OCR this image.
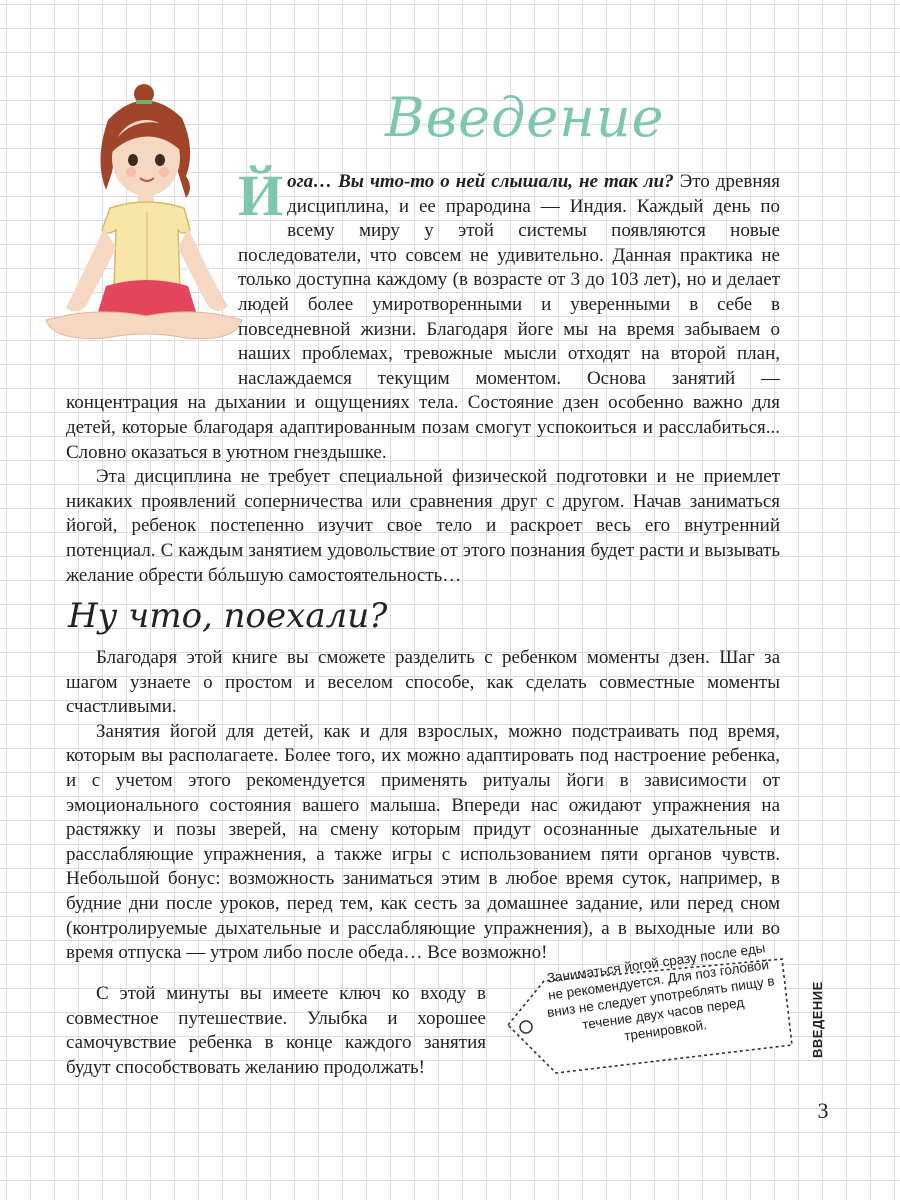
Введение
Йога… Вы что-то о ней слышали, не так ли? Это древняя дисциплина, и ее прародина — Индия. Каждый день по всему миру у этой системы появляются новые последователи, что совсем не удивительно. Данная практика не только доступна каждому (в возрасте от 3 до 103 лет), но и делает людей более умиротворенными и уверенными в себе в повседневной жизни. Благодаря йоге мы на время забываем о наших проблемах, тревожные мысли отходят на второй план, наслаждаемся текущим моментом. Основа занятий — концентрация на дыхании и ощущениях тела. Состояние дзен особенно важно для детей, которые благодаря адаптированным позам смогут успокоиться и расслабиться... Словно оказаться в уютном гнездышке.
Эта дисциплина не требует специальной физической подготовки и не приемлет никаких проявлений соперничества или сравнения друг с другом. Начав заниматься йогой, ребенок постепенно изучит свое тело и раскроет весь его внутренний потенциал. С каждым занятием удовольствие от этого познания будет расти и вызывать желание обрести бóльшую самостоятельность…
Ну что, поехали?
Благодаря этой книге вы сможете разделить с ребенком моменты дзен. Шаг за шагом узнаете о простом и веселом способе, как сделать совместные моменты счастливыми.
Занятия йогой для детей, как и для взрослых, можно подстраивать под время, которым вы располагаете. Более того, их можно адаптировать под настроение ребенка, и с учетом этого рекомендуется применять ритуалы йоги в зависимости от эмоционального состояния вашего малыша. Впереди нас ожидают упражнения на растяжку и позы зверей, на смену которым придут осознанные дыхательные и расслабляющие упражнения, а также игры с использованием пяти органов чувств. Небольшой бонус: возможность заниматься этим в любое время суток, например, в будние дни после уроков, перед тем, как сесть за домашнее задание, или перед сном (контролируемые дыхательные и расслабляющие упражнения), а в выходные или во время отпуска — утром либо после обеда… Все возможно!
С этой минуты вы имеете ключ ко входу в совместное путешествие. Улыбка и хорошее самочувствие ребенка в конце каждого занятия будут способствовать желанию продолжать!
Заниматься йогой сразу после еды не рекомендуется. Для поз головой вниз не следует употреблять пищу в течение двух часов перед тренировкой.	ВВЕДЕНИЕ
3
